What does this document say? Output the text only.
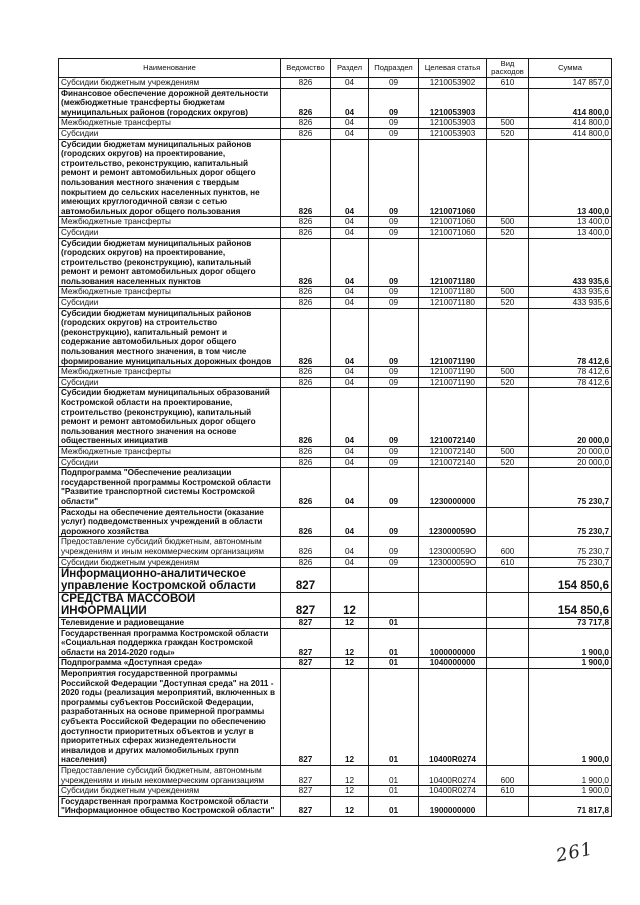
Наименование	Ведомство	Раздел	Подраздел	Целевая статья	Вид расходов	Сумма
Субсидии бюджетным учреждениям	826	04	09	1210053902	610	147 857,0
Финансовое обеспечение дорожной деятельности (межбюджетные трансферты бюджетам муниципальных районов (городских округов)	826	04	09	1210053903		414 800,0
Межбюджетные трансферты	826	04	09	1210053903	500	414 800,0
Субсидии	826	04	09	1210053903	520	414 800,0
Субсидии бюджетам муниципальных районов (городских округов) на проектирование, строительство, реконструкцию, капитальный ремонт и ремонт автомобильных дорог общего пользования местного значения с твердым покрытием до сельских населенных пунктов, не имеющих круглогодичной связи с сетью автомобильных дорог общего пользования	826	04	09	1210071060		13 400,0
Межбюджетные трансферты	826	04	09	1210071060	500	13 400,0
Субсидии	826	04	09	1210071060	520	13 400,0
Субсидии бюджетам муниципальных районов (городских округов) на проектирование, строительство (реконструкцию), капитальный ремонт и ремонт автомобильных дорог общего пользования населенных пунктов	826	04	09	1210071180		433 935,6
Межбюджетные трансферты	826	04	09	1210071180	500	433 935,6
Субсидии	826	04	09	1210071180	520	433 935,6
Субсидии бюджетам муниципальных районов (городских округов) на строительство (реконструкцию), капитальный ремонт и содержание автомобильных дорог общего пользования местного значения, в том числе формирование муниципальных дорожных фондов	826	04	09	1210071190		78 412,6
Межбюджетные трансферты	826	04	09	1210071190	500	78 412,6
Субсидии	826	04	09	1210071190	520	78 412,6
Субсидии бюджетам муниципальных образований Костромской области на проектирование, строительство (реконструкцию), капитальный ремонт и ремонт автомобильных дорог общего пользования местного значения на основе общественных инициатив	826	04	09	1210072140		20 000,0
Межбюджетные трансферты	826	04	09	1210072140	500	20 000,0
Субсидии	826	04	09	1210072140	520	20 000,0
Подпрограмма "Обеспечение реализации государственной программы Костромской области "Развитие транспортной системы Костромской области"	826	04	09	1230000000		75 230,7
Расходы на обеспечение деятельности (оказание услуг) подведомственных учреждений в области дорожного хозяйства	826	04	09	123000059О		75 230,7
Предоставление субсидий бюджетным, автономным учреждениям и иным некоммерческим организациям	826	04	09	123000059О	600	75 230,7
Субсидии бюджетным учреждениям	826	04	09	123000059О	610	75 230,7
Информационно-аналитическое управление Костромской области	827					154 850,6
СРЕДСТВА МАССОВОЙ ИНФОРМАЦИИ	827	12				154 850,6
Телевидение и радиовещание	827	12	01			73 717,8
Государственная программа Костромской области «Социальная поддержка граждан Костромской области на 2014-2020 годы»	827	12	01	1000000000		1 900,0
Подпрограмма «Доступная среда»	827	12	01	1040000000		1 900,0
Мероприятия государственной программы Российской Федерации "Доступная среда" на 2011 - 2020 годы (реализация мероприятий, включенных в программы субъектов Российской Федерации, разработанных на основе примерной программы субъекта Российской Федерации по обеспечению доступности приоритетных объектов и услуг в приоритетных сферах жизнедеятельности инвалидов и других маломобильных групп населения)	827	12	01	10400R0274		1 900,0
Предоставление субсидий бюджетным, автономным учреждениям и иным некоммерческим организациям	827	12	01	10400R0274	600	1 900,0
Субсидии бюджетным учреждениям	827	12	01	10400R0274	610	1 900,0
Государственная программа Костромской области "Информационное общество Костромской области"	827	12	01	1900000000		71 817,8
261
